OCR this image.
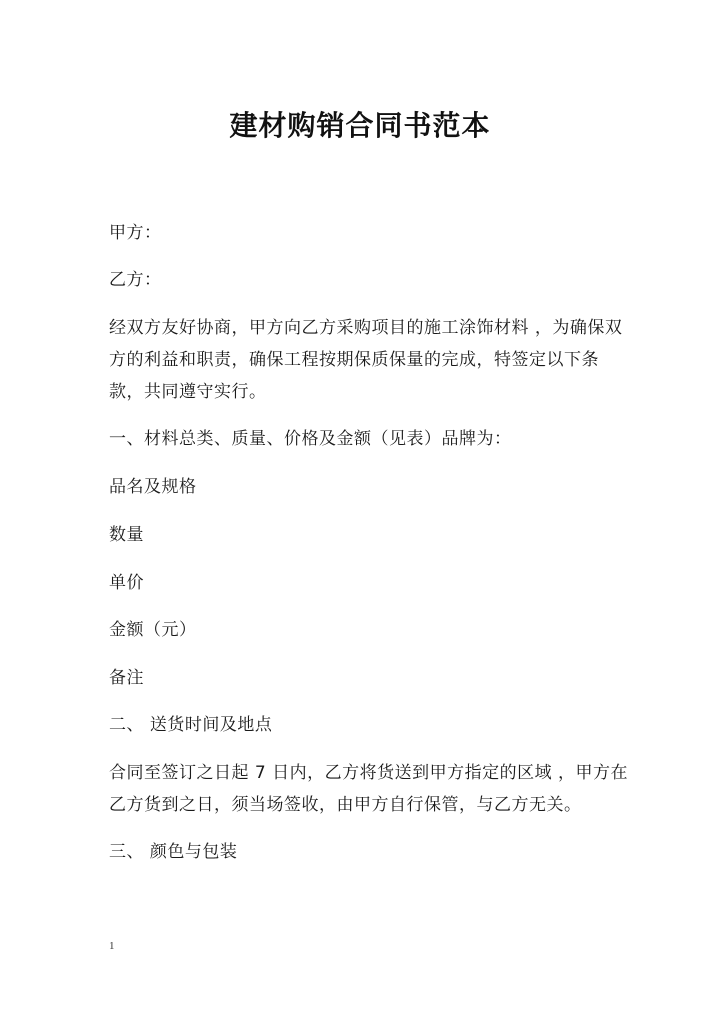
建材购销合同书范本
甲方：
乙方：
经双方友好协商，甲方向乙方采购项目的施工涂饰材料 ，为确保双
方的利益和职责，确保工程按期保质保量的完成，特签定以下条
款，共同遵守实行。
一、材料总类、质量、价格及金额（见表）品牌为：
品名及规格
数量
单价
金额（元）
备注
二、 送货时间及地点
合同至签订之日起 7 日内，乙方将货送到甲方指定的区域 ，甲方在
乙方货到之日，须当场签收，由甲方自行保管，与乙方无关。
三、 颜色与包装
1
